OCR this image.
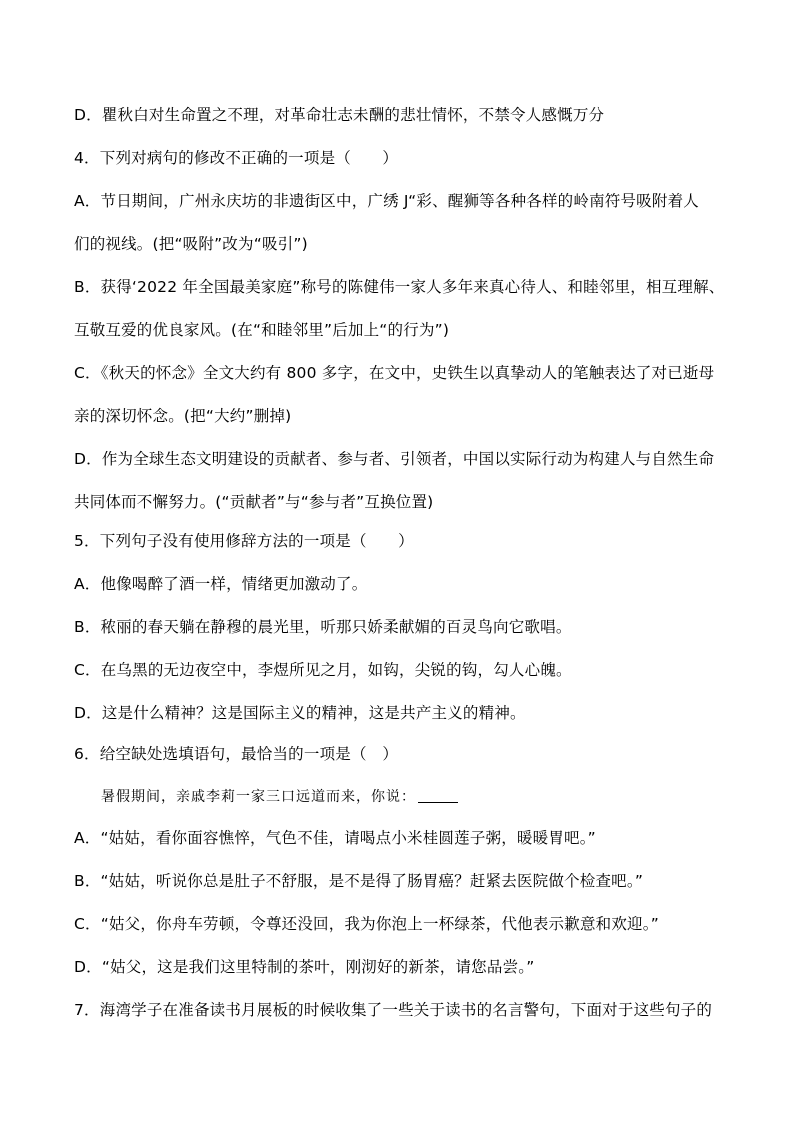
D．瞿秋白对生命置之不理，对革命壮志未酬的悲壮情怀，不禁令人感慨万分
4．下列对病句的修改不正确的一项是（　　）
A．节日期间，广州永庆坊的非遗街区中，广绣 J“彩、醒狮等各种各样的岭南符号吸附着人
们的视线。(把“吸附”改为“吸引”)
B．获得‘2022 年全国最美家庭”称号的陈健伟一家人多年来真心待人、和睦邻里，相互理解、
互敬互爱的优良家风。(在“和睦邻里”后加上“的行为”)
C．《秋天的怀念》全文大约有 800 多字，在文中，史铁生以真挚动人的笔触表达了对已逝母
亲的深切怀念。(把“大约”删掉)
D．作为全球生态文明建设的贡献者、参与者、引领者，中国以实际行动为构建人与自然生命
共同体而不懈努力。(“贡献者”与“参与者”互换位置)
5．下列句子没有使用修辞方法的一项是（　　）
A．他像喝醉了酒一样，情绪更加激动了。
B．秾丽的春天躺在静穆的晨光里，听那只娇柔献媚的百灵鸟向它歌唱。
C．在乌黑的无边夜空中，李煜所见之月，如钩，尖锐的钩，勾人心魄。
D．这是什么精神？这是国际主义的精神，这是共产主义的精神。
6．给空缺处选填语句，最恰当的一项是（　）
暑假期间，亲戚李莉一家三口远道而来，你说：
A．“姑姑，看你面容憔悴，气色不佳，请喝点小米桂圆莲子粥，暖暖胃吧。”
B．“姑姑，听说你总是肚子不舒服，是不是得了肠胃癌？赶紧去医院做个检查吧。”
C．“姑父，你舟车劳顿，令尊还没回，我为你泡上一杯绿茶，代他表示歉意和欢迎。”
D．“姑父，这是我们这里特制的茶叶，刚沏好的新茶，请您品尝。”
7．海湾学子在准备读书月展板的时候收集了一些关于读书的名言警句，下面对于这些句子的
